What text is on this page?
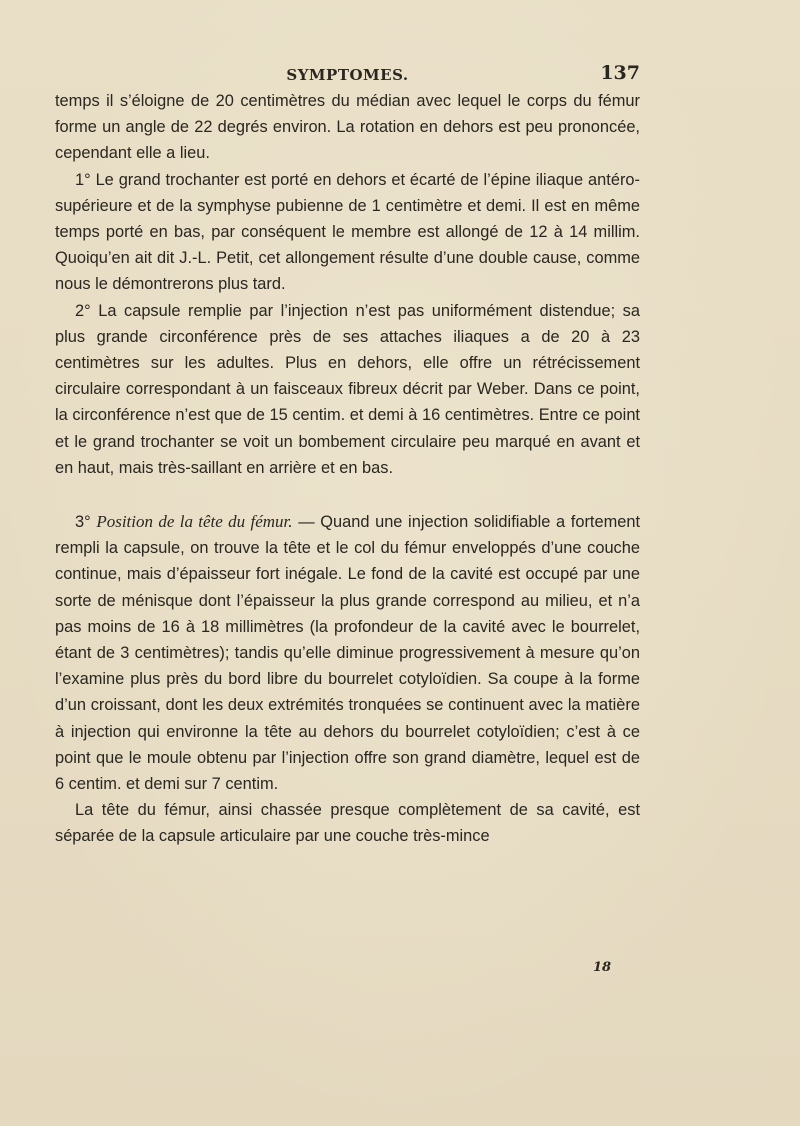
SYMPTOMES.	137

temps il s’éloigne de 20 centimètres du médian avec lequel le corps du fémur forme un angle de 22 degrés environ. La rotation en dehors est peu prononcée, cependant elle a lieu.

1° Le grand trochanter est porté en dehors et écarté de l’épine iliaque antéro-supérieure et de la symphyse pubienne de 1 centimètre et demi. Il est en même temps porté en bas, par conséquent le membre est allongé de 12 à 14 millim. Quoiqu’en ait dit J.-L. Petit, cet allongement résulte d’une double cause, comme nous le démontrerons plus tard.

2° La capsule remplie par l’injection n’est pas uniformément distendue; sa plus grande circonférence près de ses attaches iliaques a de 20 à 23 centimètres sur les adultes. Plus en dehors, elle offre un rétrécissement circulaire correspondant à un faisceaux fibreux décrit par Weber. Dans ce point, la circonférence n’est que de 15 centim. et demi à 16 centimètres. Entre ce point et le grand trochanter se voit un bombement circulaire peu marqué en avant et en haut, mais très-saillant en arrière et en bas.

3° Position de la tête du fémur. — Quand une injection solidifiable a fortement rempli la capsule, on trouve la tête et le col du fémur enveloppés d’une couche continue, mais d’épaisseur fort inégale. Le fond de la cavité est occupé par une sorte de ménisque dont l’épaisseur la plus grande correspond au milieu, et n’a pas moins de 16 à 18 millimètres (la profondeur de la cavité avec le bourrelet, étant de 3 centimètres); tandis qu’elle diminue progressivement à mesure qu’on l’examine plus près du bord libre du bourrelet cotyloïdien. Sa coupe à la forme d’un croissant, dont les deux extrémités tronquées se continuent avec la matière à injection qui environne la tête au dehors du bourrelet cotyloïdien; c’est à ce point que le moule obtenu par l’injection offre son grand diamètre, lequel est de 6 centim. et demi sur 7 centim.

La tête du fémur, ainsi chassée presque complètement de sa cavité, est séparée de la capsule articulaire par une couche très-mince

18
